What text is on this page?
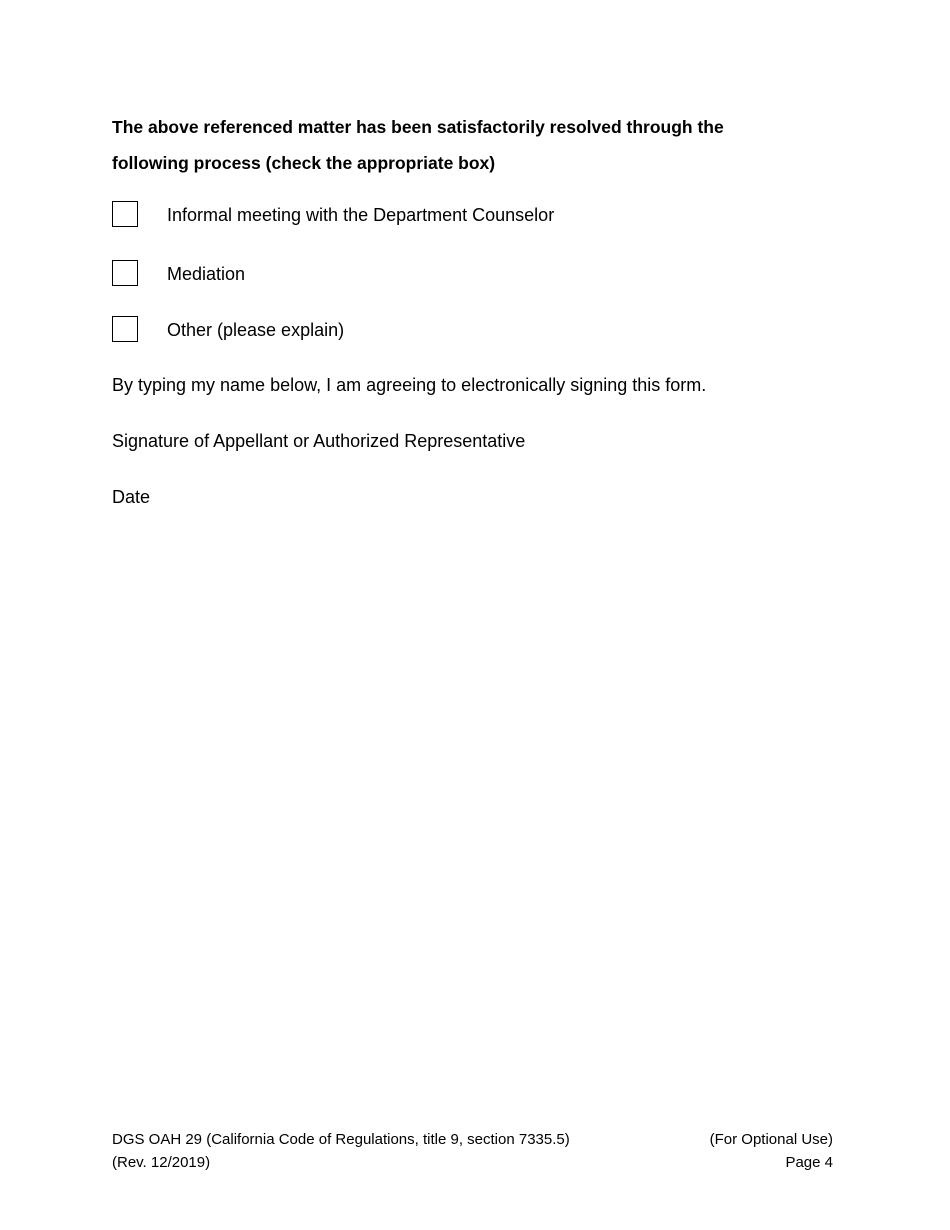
The above referenced matter has been satisfactorily resolved through the
following process (check the appropriate box)
Informal meeting with the Department Counselor
Mediation
Other (please explain)
By typing my name below, I am agreeing to electronically signing this form.
Signature of Appellant or Authorized Representative
Date
DGS OAH 29 (California Code of Regulations, title 9, section 7335.5)
(Rev. 12/2019)
(For Optional Use)
Page 4
